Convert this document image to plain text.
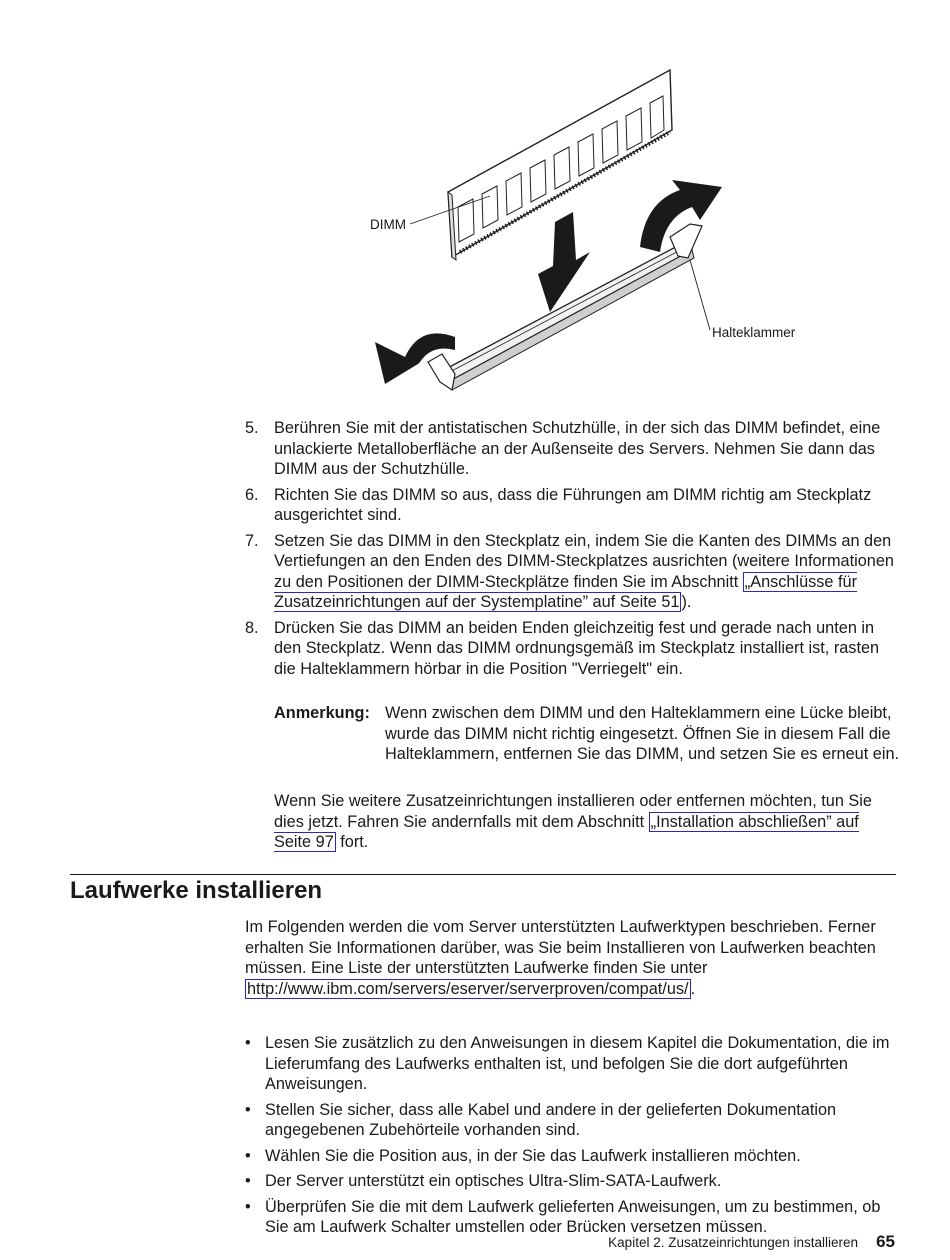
DIMM
Halteklammer
5. Berühren Sie mit der antistatischen Schutzhülle, in der sich das DIMM befindet, eine unlackierte Metalloberfläche an der Außenseite des Servers. Nehmen Sie dann das DIMM aus der Schutzhülle.
6. Richten Sie das DIMM so aus, dass die Führungen am DIMM richtig am Steckplatz ausgerichtet sind.
7. Setzen Sie das DIMM in den Steckplatz ein, indem Sie die Kanten des DIMMs an den Vertiefungen an den Enden des DIMM-Steckplatzes ausrichten (weitere Informationen zu den Positionen der DIMM-Steckplätze finden Sie im Abschnitt „Anschlüsse für Zusatzeinrichtungen auf der Systemplatine” auf Seite 51 ).
8. Drücken Sie das DIMM an beiden Enden gleichzeitig fest und gerade nach unten in den Steckplatz. Wenn das DIMM ordnungsgemäß im Steckplatz installiert ist, rasten die Halteklammern hörbar in die Position "Verriegelt" ein.
Anmerkung: Wenn zwischen dem DIMM und den Halteklammern eine Lücke bleibt, wurde das DIMM nicht richtig eingesetzt. Öffnen Sie in diesem Fall die Halteklammern, entfernen Sie das DIMM, und setzen Sie es erneut ein.
Wenn Sie weitere Zusatzeinrichtungen installieren oder entfernen möchten, tun Sie dies jetzt. Fahren Sie andernfalls mit dem Abschnitt „Installation abschließen” auf Seite 97 fort.
Laufwerke installieren
Im Folgenden werden die vom Server unterstützten Laufwerktypen beschrieben. Ferner erhalten Sie Informationen darüber, was Sie beim Installieren von Laufwerken beachten müssen. Eine Liste der unterstützten Laufwerke finden Sie unter http://www.ibm.com/servers/eserver/serverproven/compat/us/ .
• Lesen Sie zusätzlich zu den Anweisungen in diesem Kapitel die Dokumentation, die im Lieferumfang des Laufwerks enthalten ist, und befolgen Sie die dort aufgeführten Anweisungen.
• Stellen Sie sicher, dass alle Kabel und andere in der gelieferten Dokumentation angegebenen Zubehörteile vorhanden sind.
• Wählen Sie die Position aus, in der Sie das Laufwerk installieren möchten.
• Der Server unterstützt ein optisches Ultra-Slim-SATA-Laufwerk.
• Überprüfen Sie die mit dem Laufwerk gelieferten Anweisungen, um zu bestimmen, ob Sie am Laufwerk Schalter umstellen oder Brücken versetzen müssen.
Kapitel 2. Zusatzeinrichtungen installieren 65
